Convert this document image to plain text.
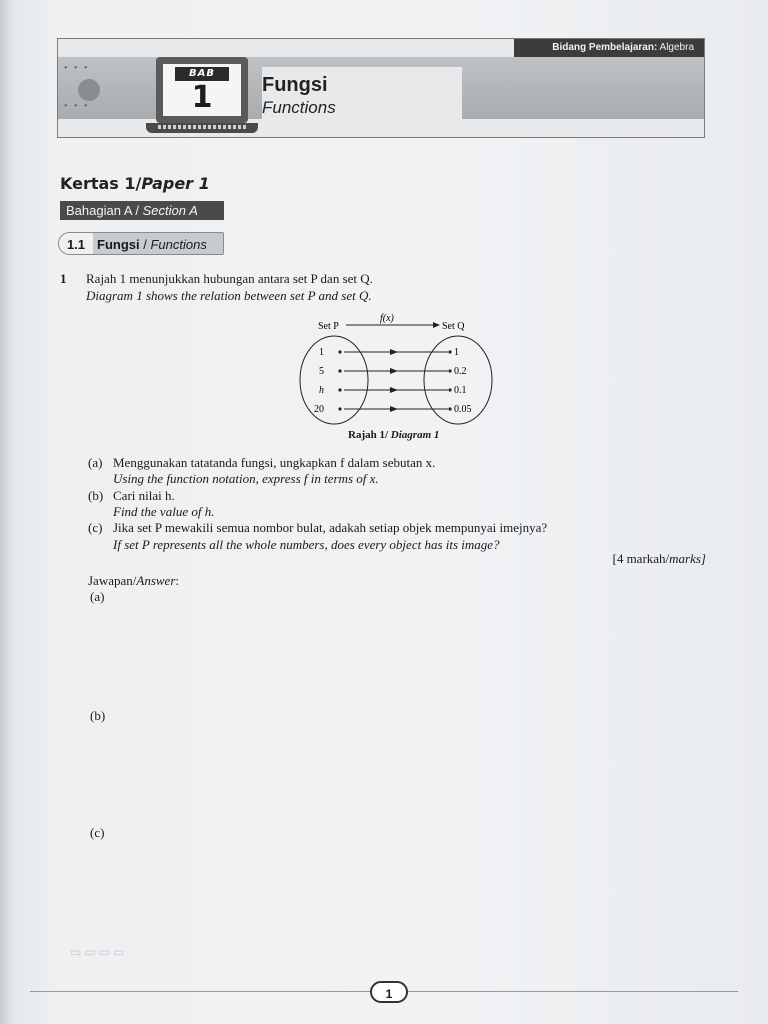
▭ ▭ ▭ ▭
Bidang Pembelajaran: Algebra
• • •
• • •	BAB
1	Fungsi
Functions
Kertas 1/Paper 1
Bahagian A / Section A
1.1 Fungsi / Functions
1 Rajah 1 menunjukkan hubungan antara set P dan set Q.
Diagram 1 shows the relation between set P and set Q.
Set P	Set Q
f(x)
1	1
5	0.2
h	0.1
20	0.05
Rajah 1/ Diagram 1
(a) Menggunakan tatatanda fungsi, ungkapkan f dalam sebutan x.
Using the function notation, express f in terms of x.
(b) Cari nilai h.
Find the value of h.
(c) Jika set P mewakili semua nombor bulat, adakah setiap objek mempunyai imejnya?
If set P represents all the whole numbers, does every object has its image?
[4 markah/marks]
Jawapan/Answer:
(a)
(b)
(c)
1
